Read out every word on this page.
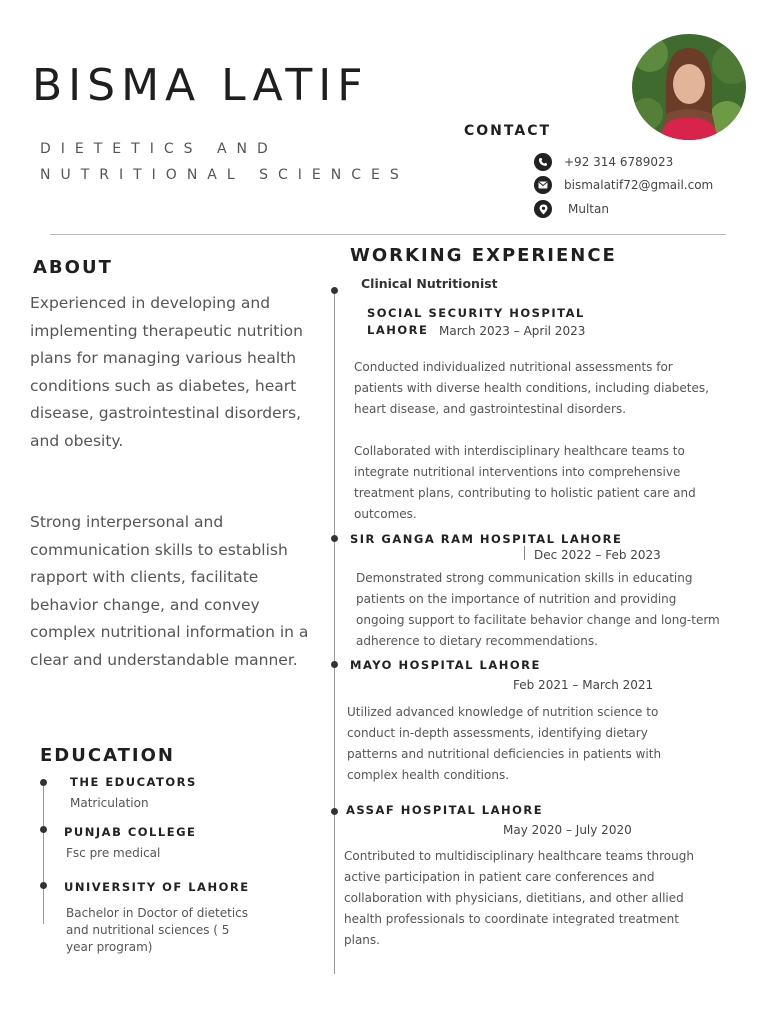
BISMA LATIF
DIETETICS AND
NUTRITIONAL SCIENCES
CONTACT
+92 314 6789023
bismalatif72@gmail.com
Multan
ABOUT
Experienced in developing and implementing therapeutic nutrition plans for managing various health conditions such as diabetes, heart disease, gastrointestinal disorders, and obesity.
Strong interpersonal and communication skills to establish rapport with clients, facilitate behavior change, and convey complex nutritional information in a clear and understandable manner.
EDUCATION
THE EDUCATORS
Matriculation
PUNJAB COLLEGE
Fsc pre medical
UNIVERSITY OF LAHORE
Bachelor in Doctor of dietetics and nutritional sciences ( 5 year program)
WORKING EXPERIENCE
Clinical Nutritionist
SOCIAL SECURITY HOSPITAL
LAHORE March 2023 – April 2023
Conducted individualized nutritional assessments for patients with diverse health conditions, including diabetes, heart disease, and gastrointestinal disorders.
Collaborated with interdisciplinary healthcare teams to integrate nutritional interventions into comprehensive treatment plans, contributing to holistic patient care and outcomes.
SIR GANGA RAM HOSPITAL LAHORE
Dec 2022 – Feb 2023
Demonstrated strong communication skills in educating patients on the importance of nutrition and providing ongoing support to facilitate behavior change and long-term adherence to dietary recommendations.
MAYO HOSPITAL LAHORE
Feb 2021 – March 2021
Utilized advanced knowledge of nutrition science to conduct in-depth assessments, identifying dietary patterns and nutritional deficiencies in patients with complex health conditions.
ASSAF HOSPITAL LAHORE
May 2020 – July 2020
Contributed to multidisciplinary healthcare teams through active participation in patient care conferences and collaboration with physicians, dietitians, and other allied health professionals to coordinate integrated treatment plans.
